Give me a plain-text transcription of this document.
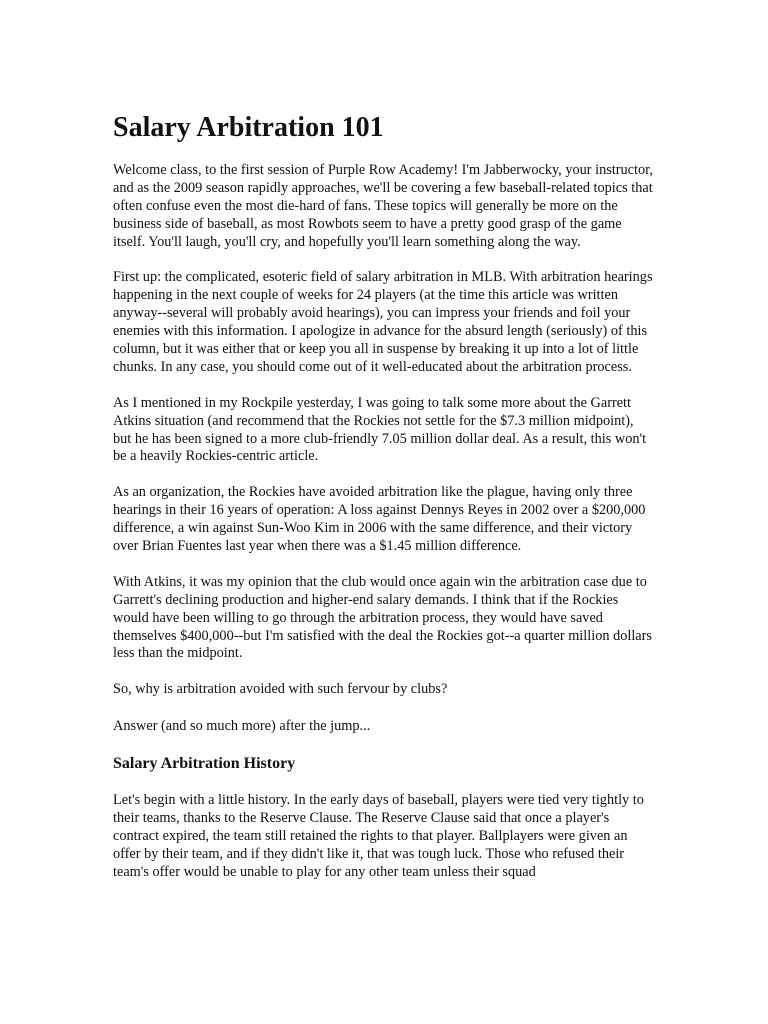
Salary Arbitration 101

Welcome class, to the first session of Purple Row Academy! I'm Jabberwocky, your instructor, and as the 2009 season rapidly approaches, we'll be covering a few baseball-related topics that often confuse even the most die-hard of fans. These topics will generally be more on the business side of baseball, as most Rowbots seem to have a pretty good grasp of the game itself. You'll laugh, you'll cry, and hopefully you'll learn something along the way.

First up: the complicated, esoteric field of salary arbitration in MLB. With arbitration hearings happening in the next couple of weeks for 24 players (at the time this article was written anyway--several will probably avoid hearings), you can impress your friends and foil your enemies with this information. I apologize in advance for the absurd length (seriously) of this column, but it was either that or keep you all in suspense by breaking it up into a lot of little chunks. In any case, you should come out of it well-educated about the arbitration process.

As I mentioned in my Rockpile yesterday, I was going to talk some more about the Garrett Atkins situation (and recommend that the Rockies not settle for the $7.3 million midpoint), but he has been signed to a more club-friendly 7.05 million dollar deal. As a result, this won't be a heavily Rockies-centric article.

As an organization, the Rockies have avoided arbitration like the plague, having only three hearings in their 16 years of operation: A loss against Dennys Reyes in 2002 over a $200,000 difference, a win against Sun-Woo Kim in 2006 with the same difference, and their victory over Brian Fuentes last year when there was a $1.45 million difference.

With Atkins, it was my opinion that the club would once again win the arbitration case due to Garrett's declining production and higher-end salary demands. I think that if the Rockies would have been willing to go through the arbitration process, they would have saved themselves $400,000--but I'm satisfied with the deal the Rockies got--a quarter million dollars less than the midpoint.

So, why is arbitration avoided with such fervour by clubs?

Answer (and so much more) after the jump...

Salary Arbitration History

Let's begin with a little history. In the early days of baseball, players were tied very tightly to their teams, thanks to the Reserve Clause. The Reserve Clause said that once a player's contract expired, the team still retained the rights to that player. Ballplayers were given an offer by their team, and if they didn't like it, that was tough luck. Those who refused their team's offer would be unable to play for any other team unless their squad
